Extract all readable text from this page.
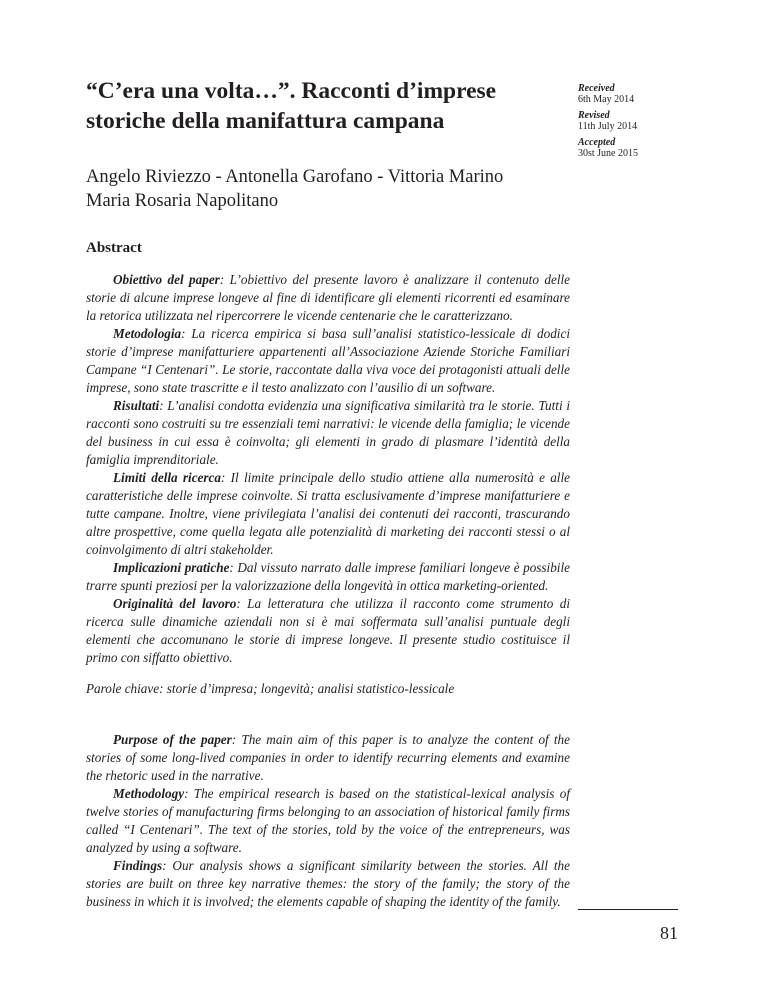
“C’era una volta…”. Racconti d’imprese storiche della manifattura campana
Received
6th May 2014
Revised
11th July 2014
Accepted
30st June 2015

Angelo Riviezzo - Antonella Garofano - Vittoria Marino
Maria Rosaria Napolitano

Abstract

Obiettivo del paper: L’obiettivo del presente lavoro è analizzare il contenuto delle storie di alcune imprese longeve al fine di identificare gli elementi ricorrenti ed esaminare la retorica utilizzata nel ripercorrere le vicende centenarie che le caratterizzano.

Metodologia: La ricerca empirica si basa sull’analisi statistico-lessicale di dodici storie d’imprese manifatturiere appartenenti all’Associazione Aziende Storiche Familiari Campane “I Centenari”. Le storie, raccontate dalla viva voce dei protagonisti attuali delle imprese, sono state trascritte e il testo analizzato con l’ausilio di un software.

Risultati: L’analisi condotta evidenzia una significativa similarità tra le storie. Tutti i racconti sono costruiti su tre essenziali temi narrativi: le vicende della famiglia; le vicende del business in cui essa è coinvolta; gli elementi in grado di plasmare l’identità della famiglia imprenditoriale.

Limiti della ricerca: Il limite principale dello studio attiene alla numerosità e alle caratteristiche delle imprese coinvolte. Si tratta esclusivamente d’imprese manifatturiere e tutte campane. Inoltre, viene privilegiata l’analisi dei contenuti dei racconti, trascurando altre prospettive, come quella legata alle potenzialità di marketing dei racconti stessi o al coinvolgimento di altri stakeholder.

Implicazioni pratiche: Dal vissuto narrato dalle imprese familiari longeve è possibile trarre spunti preziosi per la valorizzazione della longevità in ottica marketing-oriented.

Originalità del lavoro: La letteratura che utilizza il racconto come strumento di ricerca sulle dinamiche aziendali non si è mai soffermata sull’analisi puntuale degli elementi che accomunano le storie di imprese longeve. Il presente studio costituisce il primo con siffatto obiettivo.

Parole chiave: storie d’impresa; longevità; analisi statistico-lessicale

Purpose of the paper: The main aim of this paper is to analyze the content of the stories of some long-lived companies in order to identify recurring elements and examine the rhetoric used in the narrative.

Methodology: The empirical research is based on the statistical-lexical analysis of twelve stories of manufacturing firms belonging to an association of historical family firms called “I Centenari”. The text of the stories, told by the voice of the entrepreneurs, was analyzed by using a software.

Findings: Our analysis shows a significant similarity between the stories. All the stories are built on three key narrative themes: the story of the family; the story of the business in which it is involved; the elements capable of shaping the identity of the family.

81
